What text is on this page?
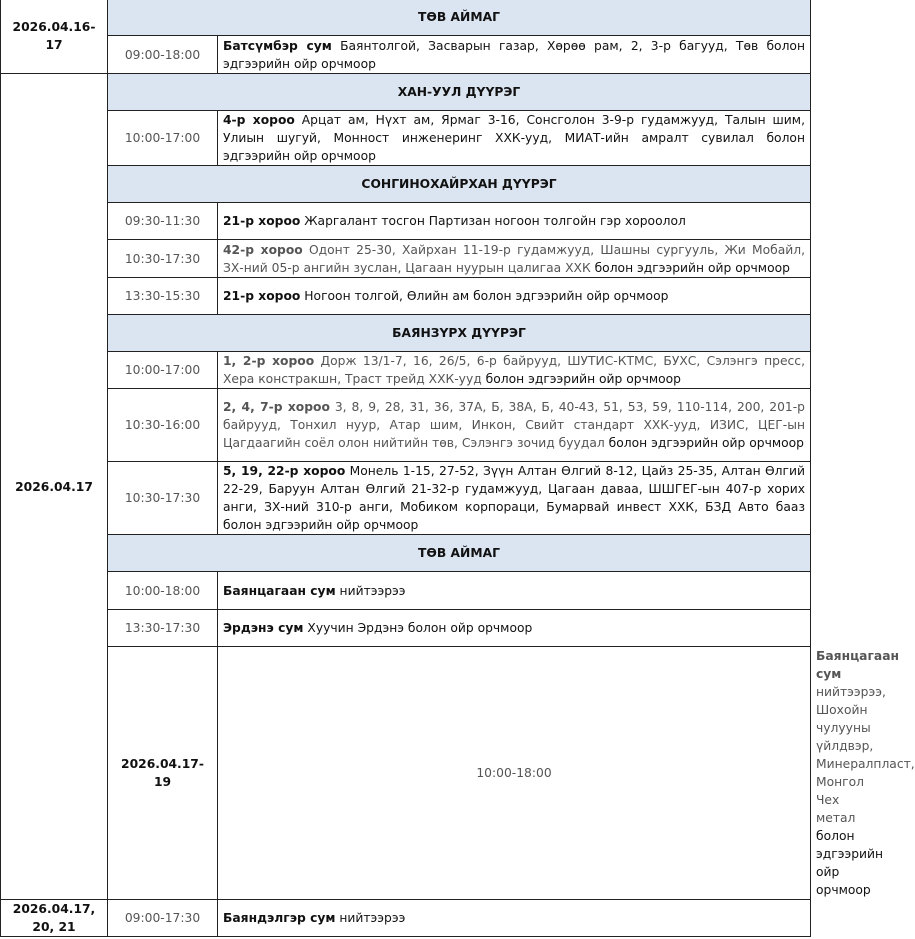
2026.04.16-17	ТӨВ АЙМАГ		
	09:00-18:00	Батсүмбэр сум Баянтолгой, Засварын газар, Хөрөө рам, 2, 3-р багууд, Төв болон эдгээрийн ойр орчмоор	
2026.04.17	ХАН-УУЛ ДҮҮРЭГ		
	10:00-17:00	4-р хороо Арцат ам, Нүхт ам, Ярмаг 3-16, Сонсголон 3-9-р гудамжууд, Талын шим, Улиын шугуй, Монност инженеринг ХХК-ууд, МИАТ-ийн амралт сувилал болон эдгээрийн ойр орчмоор	
	СОНГИНОХАЙРХАН ДҮҮРЭГ		
	09:30-11:30	21-р хороо Жаргалант тосгон Партизан ногоон толгойн гэр хороолол	
	10:30-17:30	42-р хороо Одонт 25-30, Хайрхан 11-19-р гудамжууд, Шашны сургууль, Жи Мобайл, ЗХ-ний 05-р ангийн зуслан, Цагаан нуурын цалигаа ХХК болон эдгээрийн ойр орчмоор	
	13:30-15:30	21-р хороо Ногоон толгой, Өлийн ам болон эдгээрийн ойр орчмоор	
	БАЯНЗҮРХ ДҮҮРЭГ		
	10:00-17:00	1, 2-р хороо Дорж 13/1-7, 16, 26/5, 6-р байрууд, ШУТИС-КТМС, БУХС, Сэлэнгэ пресс, Хера констракшн, Траст трейд ХХК-ууд болон эдгээрийн ойр орчмоор	
	10:30-16:00	2, 4, 7-р хороо 3, 8, 9, 28, 31, 36, 37А, Б, 38А, Б, 40-43, 51, 53, 59, 110-114, 200, 201-р байрууд, Тонхил нуур, Атар шим, Инкон, Свийт стандарт ХХК-ууд, ИЗИС, ЦЕГ-ын Цагдаагийн соёл олон нийтийн төв, Сэлэнгэ зочид буудал болон эдгээрийн ойр орчмоор	
	10:30-17:30	5, 19, 22-р хороо Монель 1-15, 27-52, Зүүн Алтан Өлгий 8-12, Цайз 25-35, Алтан Өлгий 22-29, Баруун Алтан Өлгий 21-32-р гудамжууд, Цагаан даваа, ШШГЕГ-ын 407-р хорих анги, ЗХ-ний 310-р анги, Мобиком корпораци, Бумарвай инвест ХХК, БЗД Авто бааз болон эдгээрийн ойр орчмоор	
	ТӨВ АЙМАГ		
	10:00-18:00	Баянцагаан сум нийтээрээ	
	13:30-17:30	Эрдэнэ сум Хуучин Эрдэнэ болон ойр орчмоор	
	2026.04.17-19	10:00-18:00	Баянцагаан сум нийтээрээ, Шохойн чулууны үйлдвэр, Минералпласт, Монгол Чех метал болон эдгээрийн ойр орчмоор
2026.04.17, 20, 21	09:00-17:30	Баяндэлгэр сум нийтээрээ	
